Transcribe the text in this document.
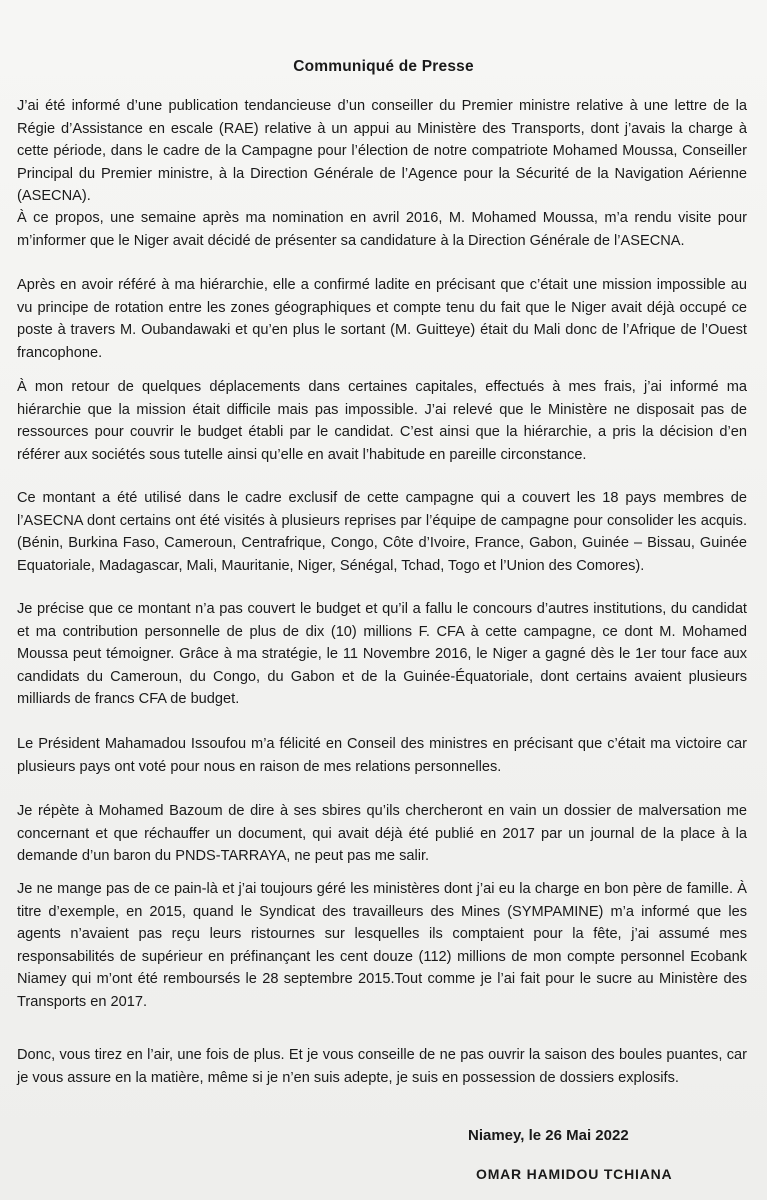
Communiqué de Presse

J’ai été informé d’une publication tendancieuse d’un conseiller du Premier ministre relative à une lettre de la Régie d’Assistance en escale (RAE) relative à un appui au Ministère des Transports, dont j’avais la charge à cette période, dans le cadre de la Campagne pour l’élection de notre compatriote Mohamed Moussa, Conseiller Principal du Premier ministre, à la Direction Générale de l’Agence pour la Sécurité de la Navigation Aérienne (ASECNA).

À ce propos, une semaine après ma nomination en avril 2016, M. Mohamed Moussa, m’a rendu visite pour m’informer que le Niger avait décidé de présenter sa candidature à la Direction Générale de l’ASECNA.

Après en avoir référé à ma hiérarchie, elle a confirmé ladite en précisant que c’était une mission impossible au vu principe de rotation entre les zones géographiques et compte tenu du fait que le Niger avait déjà occupé ce poste à travers M. Oubandawaki et qu’en plus le sortant (M. Guitteye) était du Mali donc de l’Afrique de l’Ouest francophone.

À mon retour de quelques déplacements dans certaines capitales, effectués à mes frais, j’ai informé ma hiérarchie que la mission était difficile mais pas impossible. J’ai relevé que le Ministère ne disposait pas de ressources pour couvrir le budget établi par le candidat. C’est ainsi que la hiérarchie, a pris la décision d’en référer aux sociétés sous tutelle ainsi qu’elle en avait l’habitude en pareille circonstance.

Ce montant a été utilisé dans le cadre exclusif de cette campagne qui a couvert les 18 pays membres de l’ASECNA dont certains ont été visités à plusieurs reprises par l’équipe de campagne pour consolider les acquis. (Bénin, Burkina Faso, Cameroun, Centrafrique, Congo, Côte d’Ivoire, France, Gabon, Guinée – Bissau, Guinée Equatoriale, Madagascar, Mali, Mauritanie, Niger, Sénégal, Tchad, Togo et l’Union des Comores).

Je précise que ce montant n’a pas couvert le budget et qu’il a fallu le concours d’autres institutions, du candidat et ma contribution personnelle de plus de dix (10) millions F. CFA à cette campagne, ce dont M. Mohamed Moussa peut témoigner. Grâce à ma stratégie, le 11 Novembre 2016, le Niger a gagné dès le 1er tour face aux candidats du Cameroun, du Congo, du Gabon et de la Guinée-Équatoriale, dont certains avaient plusieurs milliards de francs CFA de budget.

Le Président Mahamadou Issoufou m’a félicité en Conseil des ministres en précisant que c’était ma victoire car plusieurs pays ont voté pour nous en raison de mes relations personnelles.

Je répète à Mohamed Bazoum de dire à ses sbires qu’ils chercheront en vain un dossier de malversation me concernant et que réchauffer un document, qui avait déjà été publié en 2017 par un journal de la place à la demande d’un baron du PNDS-TARRAYA, ne peut pas me salir.

Je ne mange pas de ce pain-là et j’ai toujours géré les ministères dont j’ai eu la charge en bon père de famille. À titre d’exemple, en 2015, quand le Syndicat des travailleurs des Mines (SYMPAMINE) m’a informé que les agents n’avaient pas reçu leurs ristournes sur lesquelles ils comptaient pour la fête, j’ai assumé mes responsabilités de supérieur en préfinançant les cent douze (112) millions de mon compte personnel Ecobank Niamey qui m’ont été remboursés le 28 septembre 2015.Tout comme je l’ai fait pour le sucre au Ministère des Transports en 2017.

Donc, vous tirez en l’air, une fois de plus. Et je vous conseille de ne pas ouvrir la saison des boules puantes, car je vous assure en la matière, même si je n’en suis adepte, je suis en possession de dossiers explosifs.

Niamey, le 26 Mai 2022
OMAR HAMIDOU TCHIANA
